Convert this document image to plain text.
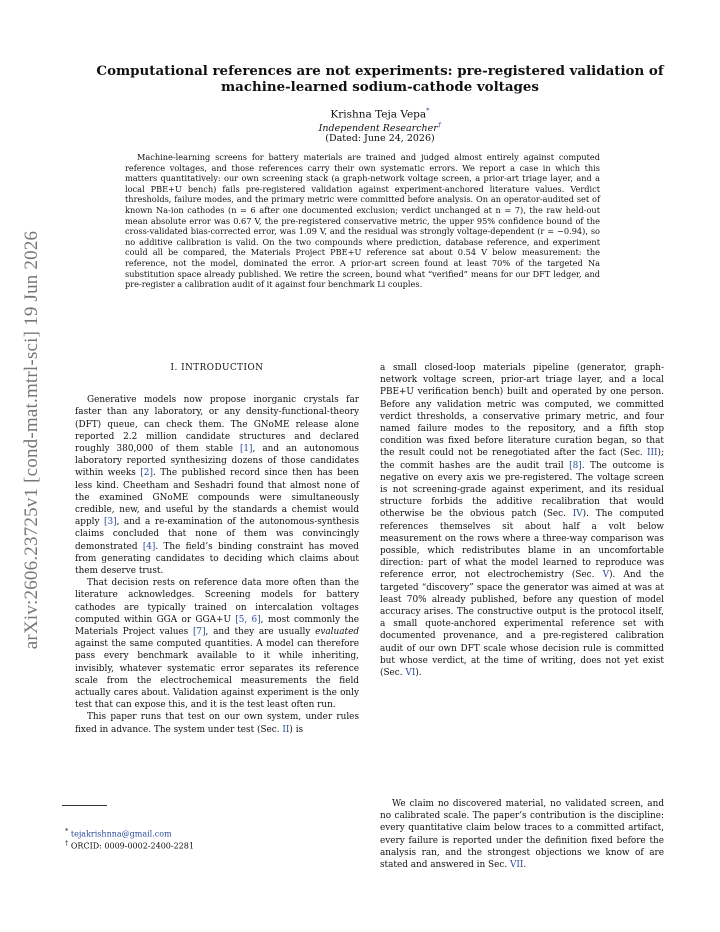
arXiv:2606.23725v1 [cond-mat.mtrl-sci] 19 Jun 2026
Computational references are not experiments: pre-registered validation of
machine-learned sodium-cathode voltages
Krishna Teja Vepa*
Independent Researcher†
(Dated: June 24, 2026)
Machine-learning screens for battery materials are trained and judged almost entirely against computed reference voltages, and those references carry their own systematic errors. We report a case in which this matters quantitatively: our own screening stack (a graph-network voltage screen, a prior-art triage layer, and a local PBE+U bench) fails pre-registered validation against experiment-anchored literature values. Verdict thresholds, failure modes, and the primary metric were committed before analysis. On an operator-audited set of known Na-ion cathodes (n = 6 after one documented exclusion; verdict unchanged at n = 7), the raw held-out mean absolute error was 0.67 V, the pre-registered conservative metric, the upper 95% confidence bound of the cross-validated bias-corrected error, was 1.09 V, and the residual was strongly voltage-dependent (r = −0.94), so no additive calibration is valid. On the two compounds where prediction, database reference, and experiment could all be compared, the Materials Project PBE+U reference sat about 0.54 V below measurement: the reference, not the model, dominated the error. A prior-art screen found at least 70% of the targeted Na substitution space already published. We retire the screen, bound what “verified” means for our DFT ledger, and pre-register a calibration audit of it against four benchmark Li couples.
I. INTRODUCTION

Generative models now propose inorganic crystals far faster than any laboratory, or any density-functional-theory (DFT) queue, can check them. The GNoME release alone reported 2.2 million candidate structures and declared roughly 380,000 of them stable [1], and an autonomous laboratory reported synthesizing dozens of those candidates within weeks [2]. The published record since then has been less kind. Cheetham and Seshadri found that almost none of the examined GNoME compounds were simultaneously credible, new, and useful by the standards a chemist would apply [3], and a re-examination of the autonomous-synthesis claims concluded that none of them was convincingly demonstrated [4]. The field’s binding constraint has moved from generating candidates to deciding which claims about them deserve trust.

That decision rests on reference data more often than the literature acknowledges. Screening models for battery cathodes are typically trained on intercalation voltages computed within GGA or GGA+U [5, 6], most commonly the Materials Project values [7], and they are usually evaluated against the same computed quantities. A model can therefore pass every benchmark available to it while inheriting, invisibly, whatever systematic error separates its reference scale from the electrochemical measurements the field actually cares about. Validation against experiment is the only test that can expose this, and it is the test least often run.

This paper runs that test on our own system, under rules fixed in advance. The system under test (Sec. II) is

a small closed-loop materials pipeline (generator, graph-network voltage screen, prior-art triage layer, and a local PBE+U verification bench) built and operated by one person. Before any validation metric was computed, we committed verdict thresholds, a conservative primary metric, and four named failure modes to the repository, and a fifth stop condition was fixed before literature curation began, so that the result could not be renegotiated after the fact (Sec. III); the commit hashes are the audit trail [8]. The outcome is negative on every axis we pre-registered. The voltage screen is not screening-grade against experiment, and its residual structure forbids the additive recalibration that would otherwise be the obvious patch (Sec. IV). The computed references themselves sit about half a volt below measurement on the rows where a three-way comparison was possible, which redistributes blame in an uncomfortable direction: part of what the model learned to reproduce was reference error, not electrochemistry (Sec. V). And the targeted “discovery” space the generator was aimed at was at least 70% already published, before any question of model accuracy arises. The constructive output is the protocol itself, a small quote-anchored experimental reference set with documented provenance, and a pre-registered calibration audit of our own DFT scale whose decision rule is committed but whose verdict, at the time of writing, does not yet exist (Sec. VI).

We claim no discovered material, no validated screen, and no calibrated scale. The paper’s contribution is the discipline: every quantitative claim below traces to a committed artifact, every failure is reported under the definition fixed before the analysis ran, and the strongest objections we know of are stated and answered in Sec. VII.

* tejakrishnna@gmail.com
† ORCID: 0009-0002-2400-2281
